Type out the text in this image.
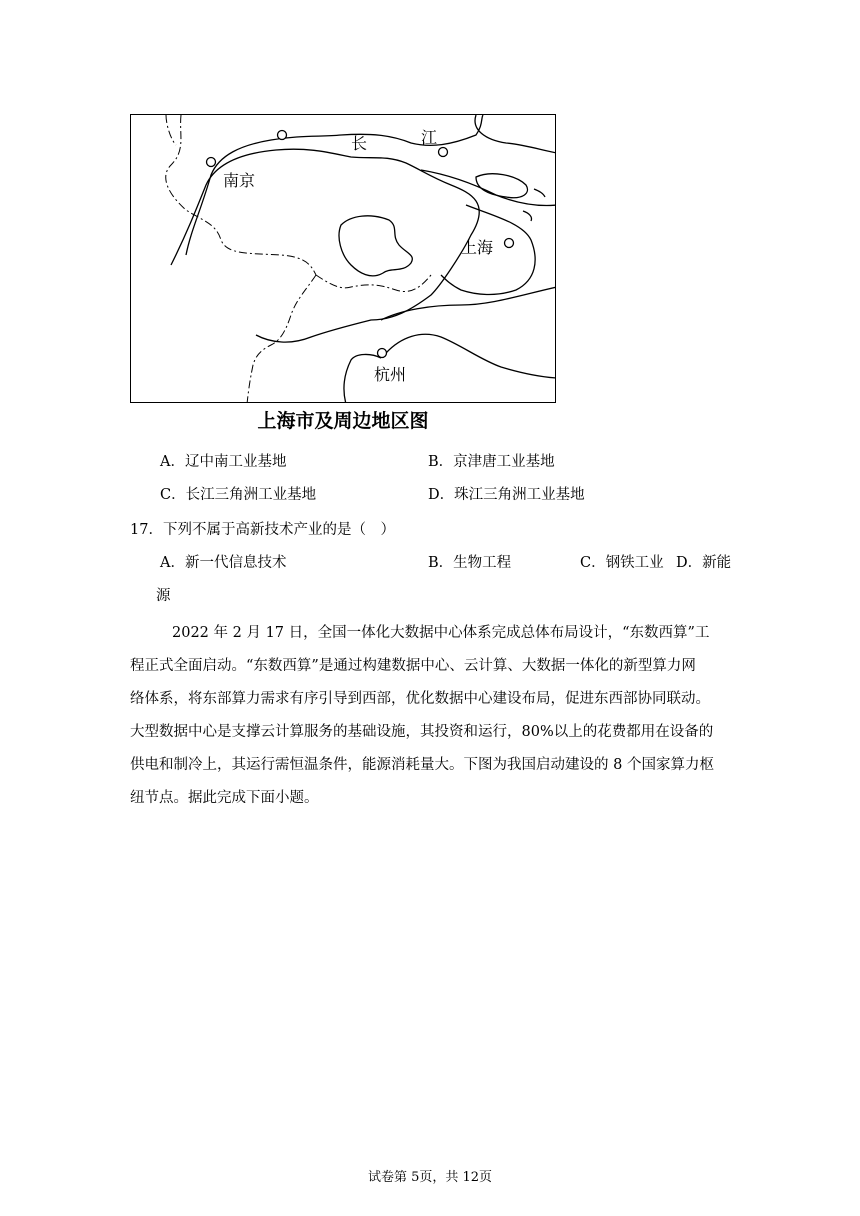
南京
长	江
上海
杭州
上海市及周边地区图
A．辽中南工业基地	B．京津唐工业基地
C．长江三角洲工业基地	D．珠江三角洲工业基地
17．下列不属于高新技术产业的是（　）
A．新一代信息技术	B．生物工程	C．钢铁工业 D．新能
源
2022 年 2 月 17 日，全国一体化大数据中心体系完成总体布局设计，“东数西算”工
程正式全面启动。“东数西算”是通过构建数据中心、云计算、大数据一体化的新型算力网
络体系，将东部算力需求有序引导到西部，优化数据中心建设布局，促进东西部协同联动。
大型数据中心是支撑云计算服务的基础设施，其投资和运行，80%以上的花费都用在设备的
供电和制冷上，其运行需恒温条件，能源消耗量大。下图为我国启动建设的 8 个国家算力枢
纽节点。据此完成下面小题。
试卷第 5页，共 12页
